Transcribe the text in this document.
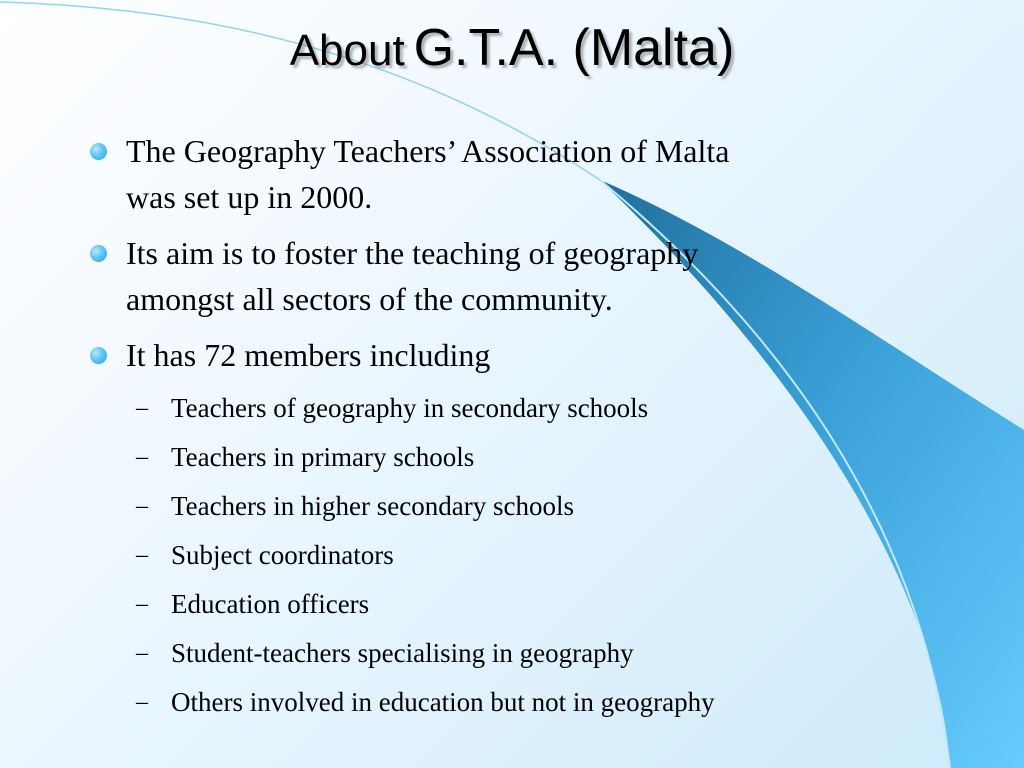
About G.T.A. (Malta)
The Geography Teachers’ Association of Malta
was set up in 2000.
Its aim is to foster the teaching of geography
amongst all sectors of the community.
It has 72 members including
– Teachers of geography in secondary schools
– Teachers in primary schools
– Teachers in higher secondary schools
– Subject coordinators
– Education officers
– Student-teachers specialising in geography
– Others involved in education but not in geography
